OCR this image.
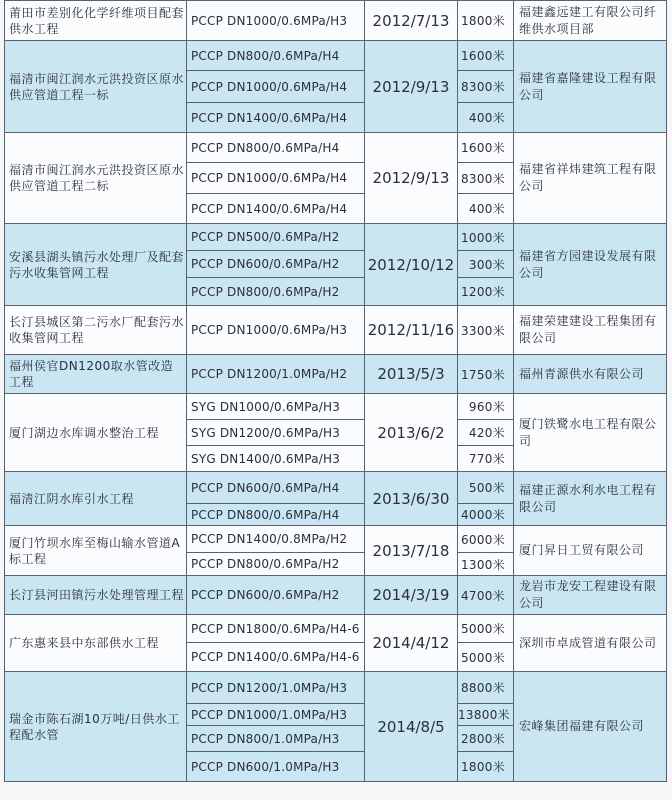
莆田市差别化化学纤维项目配套供水工程	PCCP DN1000/0.6MPa/H3	2012/7/13	1800米	福建鑫远建工有限公司纤维供水项目部
福清市闽江润水元洪投资区原水供应管道工程一标	PCCP DN800/0.6MPa/H4	2012/9/13	1600米	福建省嘉隆建设工程有限公司
	PCCP DN1000/0.6MPa/H4		8300米	
	PCCP DN1400/0.6MPa/H4		400米	
福清市闽江润水元洪投资区原水供应管道工程二标	PCCP DN800/0.6MPa/H4	2012/9/13	1600米	福建省祥炜建筑工程有限公司
	PCCP DN1000/0.6MPa/H4		8300米	
	PCCP DN1400/0.6MPa/H4		400米	
安溪县湖头镇污水处理厂及配套污水收集管网工程	PCCP DN500/0.6MPa/H2	2012/10/12	1000米	福建省方园建设发展有限公司
	PCCP DN600/0.6MPa/H2		300米	
	PCCP DN800/0.6MPa/H2		1200米	
长汀县城区第二污水厂配套污水收集管网工程	PCCP DN1000/0.6MPa/H3	2012/11/16	3300米	福建荣建建设工程集团有限公司
福州侯官DN1200取水管改造工程	PCCP DN1200/1.0MPa/H2	2013/5/3	1750米	福州青源供水有限公司
厦门湖边水库调水整治工程	SYG DN1000/0.6MPa/H3	2013/6/2	960米	厦门铁鹭水电工程有限公司
	SYG DN1200/0.6MPa/H3		420米	
	SYG DN1400/0.6MPa/H3		770米	
福清江阴水库引水工程	PCCP DN600/0.6MPa/H4	2013/6/30	500米	福建正源水利水电工程有限公司
	PCCP DN800/0.6MPa/H4		4000米	
厦门竹坝水库至梅山输水管道A标工程	PCCP DN1400/0.8MPa/H2	2013/7/18	6000米	厦门昇日工贸有限公司
	PCCP DN800/0.6MPa/H2		1300米	
长汀县河田镇污水处理管理工程	PCCP DN600/0.6MPa/H2	2014/3/19	4700米	龙岩市龙安工程建设有限公司
广东惠来县中东部供水工程	PCCP DN1800/0.6MPa/H4-6	2014/4/12	5000米	深圳市卓成管道有限公司
	PCCP DN1400/0.6MPa/H4-6		5000米	
瑞金市陈石湖10万吨/日供水工程配水管	PCCP DN1200/1.0MPa/H3	2014/8/5	8800米	宏峰集团福建有限公司
	PCCP DN1000/1.0MPa/H3		13800米	
	PCCP DN800/1.0MPa/H3		2800米	
	PCCP DN600/1.0MPa/H3		1800米	
